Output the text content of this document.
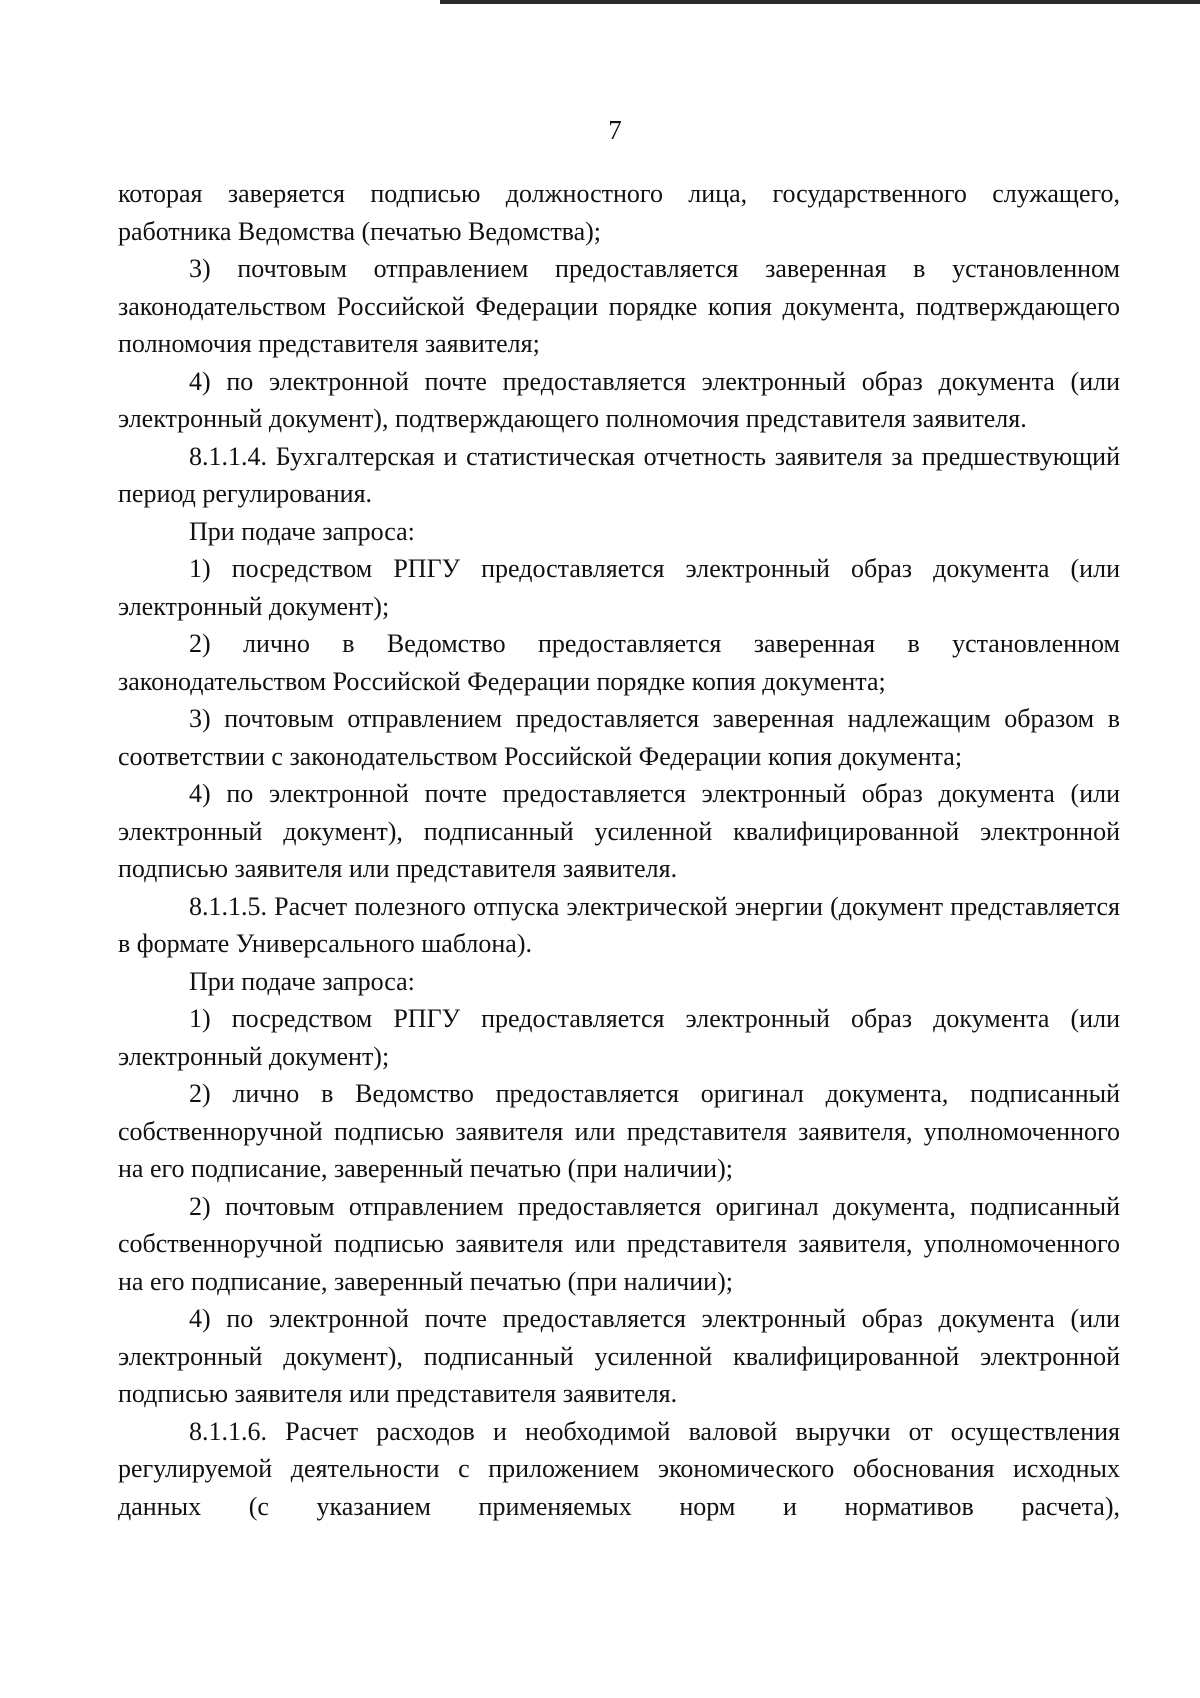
7

которая заверяется подписью должностного лица, государственного служащего, работника Ведомства (печатью Ведомства);

3) почтовым отправлением предоставляется заверенная в установленном законодательством Российской Федерации порядке копия документа, подтверждающего полномочия представителя заявителя;

4) по электронной почте предоставляется электронный образ документа (или электронный документ), подтверждающего полномочия представителя заявителя.

8.1.1.4. Бухгалтерская и статистическая отчетность заявителя за предшествующий период регулирования.

При подаче запроса:

1) посредством РПГУ предоставляется электронный образ документа (или электронный документ);

2) лично в Ведомство предоставляется заверенная в установленном законодательством Российской Федерации порядке копия документа;

3) почтовым отправлением предоставляется заверенная надлежащим образом в соответствии с законодательством Российской Федерации копия документа;

4) по электронной почте предоставляется электронный образ документа (или электронный документ), подписанный усиленной квалифицированной электронной подписью заявителя или представителя заявителя.

8.1.1.5. Расчет полезного отпуска электрической энергии (документ представляется в формате Универсального шаблона).

При подаче запроса:

1) посредством РПГУ предоставляется электронный образ документа (или электронный документ);

2) лично в Ведомство предоставляется оригинал документа, подписанный собственноручной подписью заявителя или представителя заявителя, уполномоченного на его подписание, заверенный печатью (при наличии);

2) почтовым отправлением предоставляется оригинал документа, подписанный собственноручной подписью заявителя или представителя заявителя, уполномоченного на его подписание, заверенный печатью (при наличии);

4) по электронной почте предоставляется электронный образ документа (или электронный документ), подписанный усиленной квалифицированной электронной подписью заявителя или представителя заявителя.

8.1.1.6. Расчет расходов и необходимой валовой выручки от осуществления регулируемой деятельности с приложением экономического обоснования исходных данных (с указанием применяемых норм и нормативов расчета),
